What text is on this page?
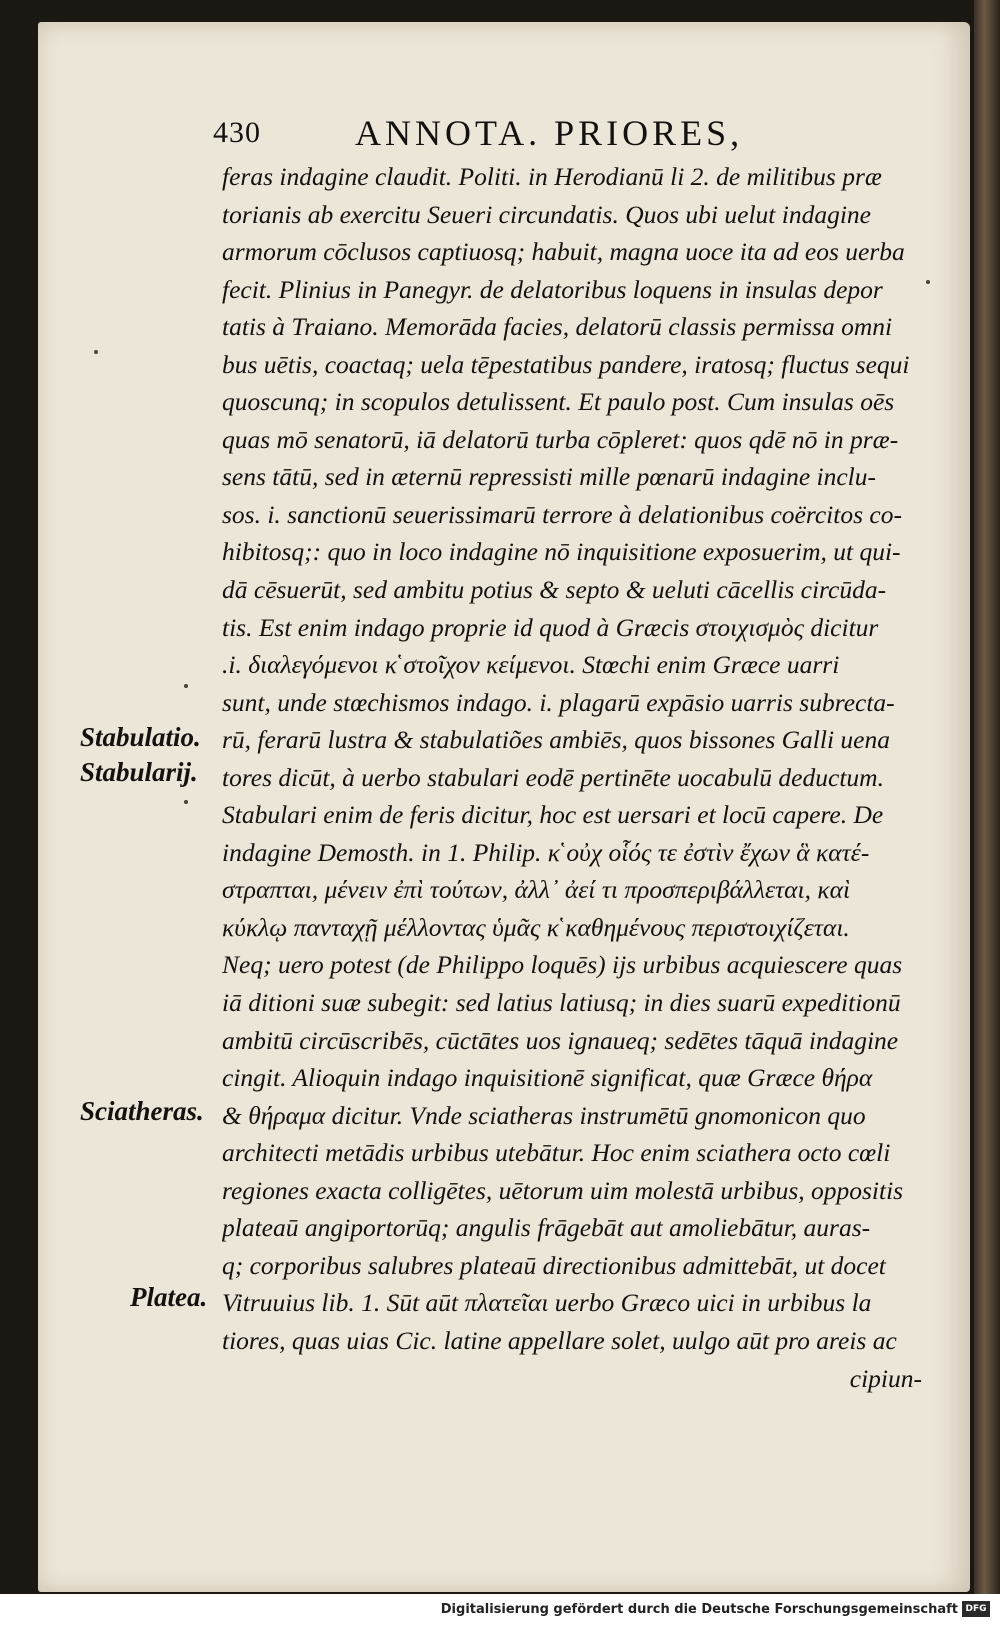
430	ANNOTA. PRIORES,
feras indagine claudit. Politi. in Herodianū li 2. de militibus præ
torianis ab exercitu Seueri circundatis. Quos ubi uelut indagine
armorum cōclusos captiuosq; habuit, magna uoce ita ad eos uerba
fecit. Plinius in Panegyr. de delatoribus loquens in insulas depor
tatis à Traiano. Memorāda facies, delatorū classis permissa omni
bus uētis, coactaq; uela tēpestatibus pandere, iratosq; fluctus sequi
quoscunq; in scopulos detulissent. Et paulo post. Cum insulas oēs
quas mō senatorū, iā delatorū turba cōpleret: quos qdē nō in præ-
sens tātū, sed in æternū repressisti mille pœnarū indagine inclu-
sos. i. sanctionū seuerissimarū terrore à delationibus coërcitos co-
hibitosq;: quo in loco indagine nō inquisitione exposuerim, ut qui-
dā cēsuerūt, sed ambitu potius & septo & ueluti cācellis circūda-
tis. Est enim indago proprie id quod à Græcis στοιχισμὸς dicitur
.i. διαλεγόμενοι κ̔ στοῖχον κείμενοι. Stœchi enim Græce uarri
sunt, unde stœchismos indago. i. plagarū expāsio uarris subrecta-
rū, ferarū lustra & stabulatiões ambiēs, quos bissones Galli uena
tores dicūt, à uerbo stabulari eodē pertinēte uocabulū deductum.
Stabulari enim de feris dicitur, hoc est uersari et locū capere. De
indagine Demosth. in 1. Philip. κ̔ οὐχ οἷός τε ἐστὶν ἔχων ἃ κατέ-
στραπται, μένειν ἐπὶ τούτων, ἀλλ᾽ ἀεί τι προσπεριβάλλεται, καὶ
κύκλῳ πανταχῇ μέλλοντας ὑμᾶς κ̔ καθημένους περιστοιχίζεται.
Neq; uero potest (de Philippo loquēs) ijs urbibus acquiescere quas
iā ditioni suæ subegit: sed latius latiusq; in dies suarū expeditionū
ambitū circūscribēs, cūctātes uos ignaueq; sedētes tāquā indagine
cingit. Alioquin indago inquisitionē significat, quæ Græce θήρα
& θήραμα dicitur. Vnde sciatheras instrumētū gnomonicon quo
architecti metādis urbibus utebātur. Hoc enim sciathera octo cœli
regiones exacta colligētes, uētorum uim molestā urbibus, oppositis
plateaū angiportorūq; angulis frāgebāt aut amoliebātur, auras-
q; corporibus salubres plateaū directionibus admittebāt, ut docet
Vitruuius lib. 1. Sūt aūt πλατεῖαι uerbo Græco uici in urbibus la
tiores, quas uias Cic. latine appellare solet, uulgo aūt pro areis ac
cipiun-
Stabulatio.
Stabularij.
Sciatheras.
Platea.
Digitalisierung gefördert durch die Deutsche Forschungsgemeinschaft DFG
